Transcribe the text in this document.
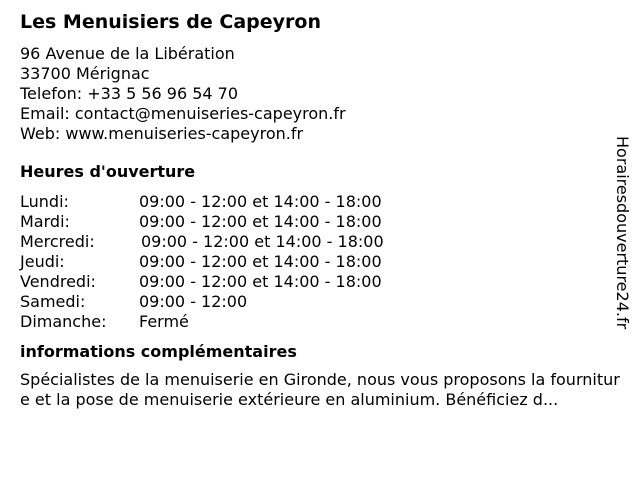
Les Menuisiers de Capeyron
96 Avenue de la Libération
33700 Mérignac
Telefon: +33 5 56 96 54 70
Email: contact@menuiseries-capeyron.fr
Web: www.menuiseries-capeyron.fr
Heures d'ouverture
Lundi:	09:00 - 12:00 et 14:00 - 18:00
Mardi:	09:00 - 12:00 et 14:00 - 18:00
Mercredi:	09:00 - 12:00 et 14:00 - 18:00
Jeudi:	09:00 - 12:00 et 14:00 - 18:00
Vendredi:	09:00 - 12:00 et 14:00 - 18:00
Samedi:	09:00 - 12:00
Dimanche:	Fermé
informations complémentaires
Spécialistes de la menuiserie en Gironde, nous vous proposons la fourniture et la pose de menuiserie extérieure en aluminium. Bénéficiez d...
Horairesdouverture24.fr
